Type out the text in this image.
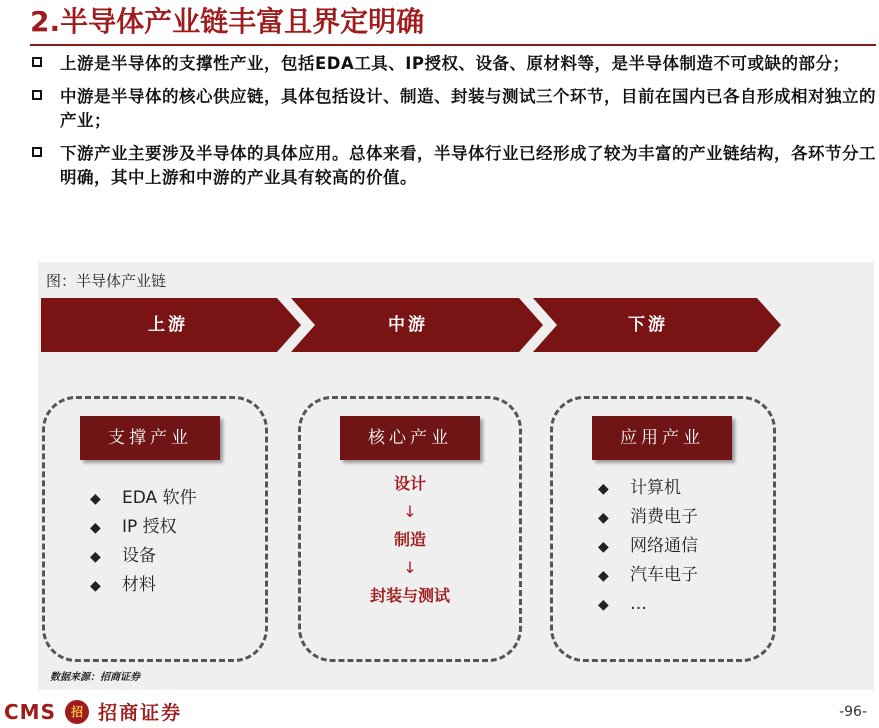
2.半导体产业链丰富且界定明确
上游是半导体的支撑性产业，包括EDA工具、IP授权、设备、原材料等，是半导体制造不可或缺的部分；
中游是半导体的核心供应链，具体包括设计、制造、封装与测试三个环节，目前在国内已各自形成相对独立的产业；
下游产业主要涉及半导体的具体应用。总体来看，半导体行业已经形成了较为丰富的产业链结构，各环节分工明确，其中上游和中游的产业具有较高的价值。
图：半导体产业链
上游	中游	下游
支撑产业
◆ EDA 软件
◆ IP 授权
◆ 设备
◆ 材料
核心产业
设计
↓
制造
↓
封装与测试
应用产业
◆ 计算机
◆ 消费电子
◆ 网络通信
◆ 汽车电子
◆ …
数据来源：招商证券
CMS 招 招商证券	-96-
